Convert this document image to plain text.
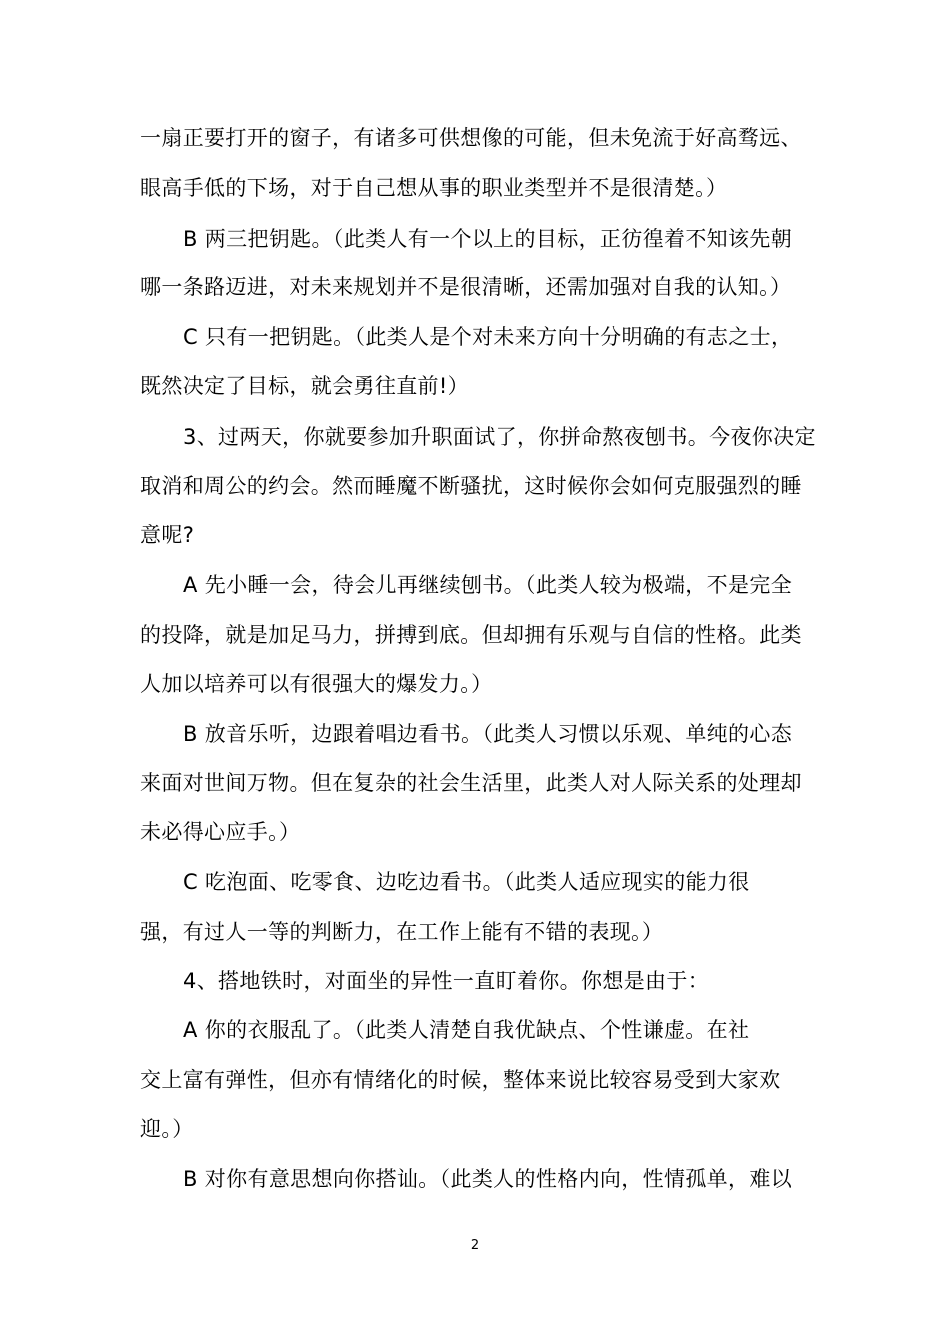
一扇正要打开的窗子，有诸多可供想像的可能，但未免流于好高骛远、
眼高手低的下场，对于自己想从事的职业类型并不是很清楚。）
B 两三把钥匙。（此类人有一个以上的目标，正彷徨着不知该先朝
哪一条路迈进，对未来规划并不是很清晰，还需加强对自我的认知。）
C 只有一把钥匙。（此类人是个对未来方向十分明确的有志之士，
既然决定了目标，就会勇往直前!）
3、过两天，你就要参加升职面试了，你拼命熬夜刨书。今夜你决定
取消和周公的约会。然而睡魔不断骚扰，这时候你会如何克服强烈的睡
意呢?
A 先小睡一会，待会儿再继续刨书。（此类人较为极端，不是完全
的投降，就是加足马力，拼搏到底。但却拥有乐观与自信的性格。此类
人加以培养可以有很强大的爆发力。）
B 放音乐听，边跟着唱边看书。（此类人习惯以乐观、单纯的心态
来面对世间万物。但在复杂的社会生活里，此类人对人际关系的处理却
未必得心应手。）
C 吃泡面、吃零食、边吃边看书。（此类人适应现实的能力很
强，有过人一等的判断力，在工作上能有不错的表现。）
4、搭地铁时，对面坐的异性一直盯着你。你想是由于：
A 你的衣服乱了。（此类人清楚自我优缺点、个性谦虚。在社
交上富有弹性，但亦有情绪化的时候，整体来说比较容易受到大家欢
迎。）
B 对你有意思想向你搭讪。（此类人的性格内向，性情孤单，难以
2
